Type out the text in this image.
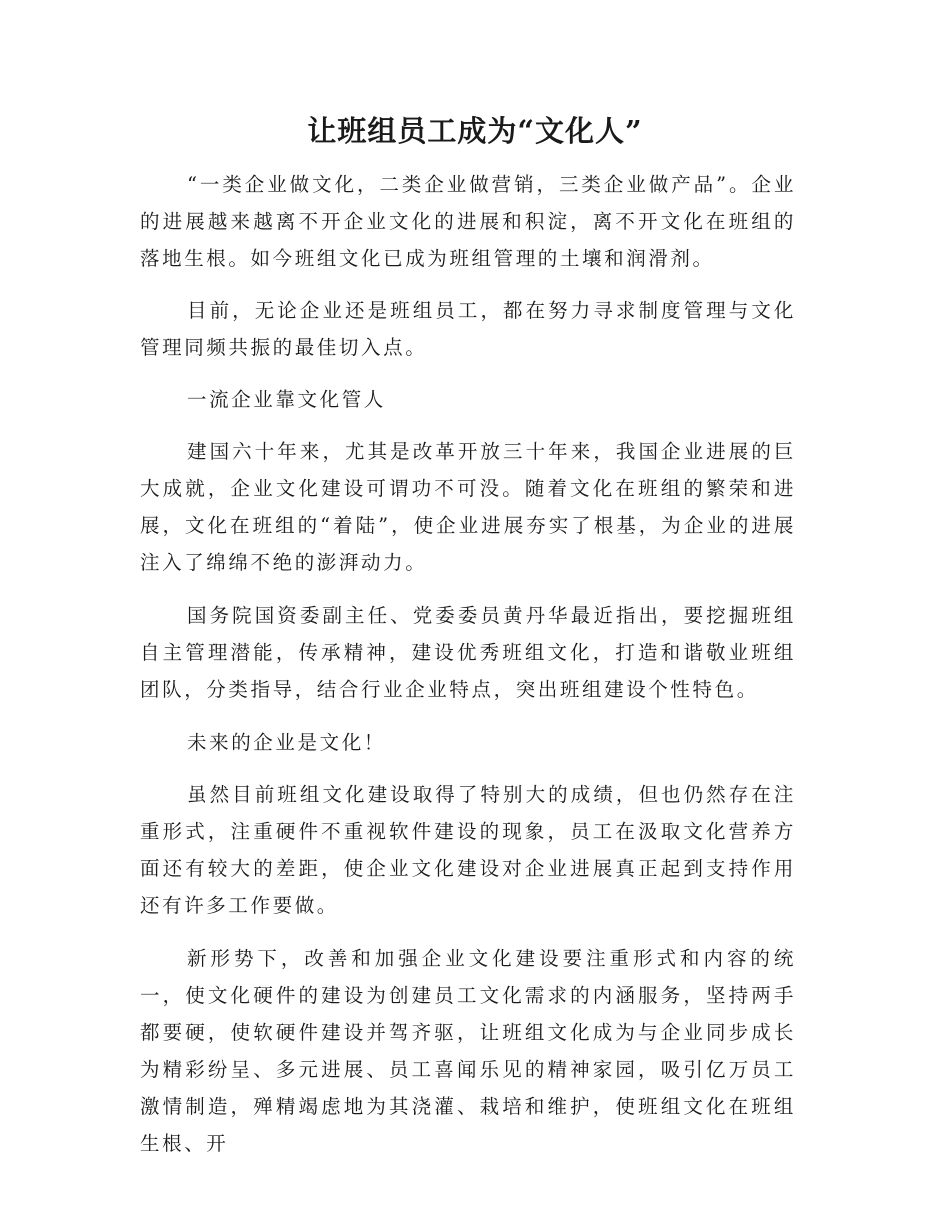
让班组员工成为“文化人”

“一类企业做文化，二类企业做营销，三类企业做产品”。企业的进展越来越离不开企业文化的进展和积淀，离不开文化在班组的落地生根。如今班组文化已成为班组管理的土壤和润滑剂。

目前，无论企业还是班组员工，都在努力寻求制度管理与文化管理同频共振的最佳切入点。

一流企业靠文化管人

建国六十年来，尤其是改革开放三十年来，我国企业进展的巨大成就，企业文化建设可谓功不可没。随着文化在班组的繁荣和进展，文化在班组的“着陆”，使企业进展夯实了根基，为企业的进展注入了绵绵不绝的澎湃动力。

国务院国资委副主任、党委委员黄丹华最近指出，要挖掘班组自主管理潜能，传承精神，建设优秀班组文化，打造和谐敬业班组团队，分类指导，结合行业企业特点，突出班组建设个性特色。

未来的企业是文化！

虽然目前班组文化建设取得了特别大的成绩，但也仍然存在注重形式，注重硬件不重视软件建设的现象，员工在汲取文化营养方面还有较大的差距，使企业文化建设对企业进展真正起到支持作用还有许多工作要做。

新形势下，改善和加强企业文化建设要注重形式和内容的统一，使文化硬件的建设为创建员工文化需求的内涵服务，坚持两手都要硬，使软硬件建设并驾齐驱，让班组文化成为与企业同步成长为精彩纷呈、多元进展、员工喜闻乐见的精神家园，吸引亿万员工激情制造，殚精竭虑地为其浇灌、栽培和维护，使班组文化在班组生根、开
